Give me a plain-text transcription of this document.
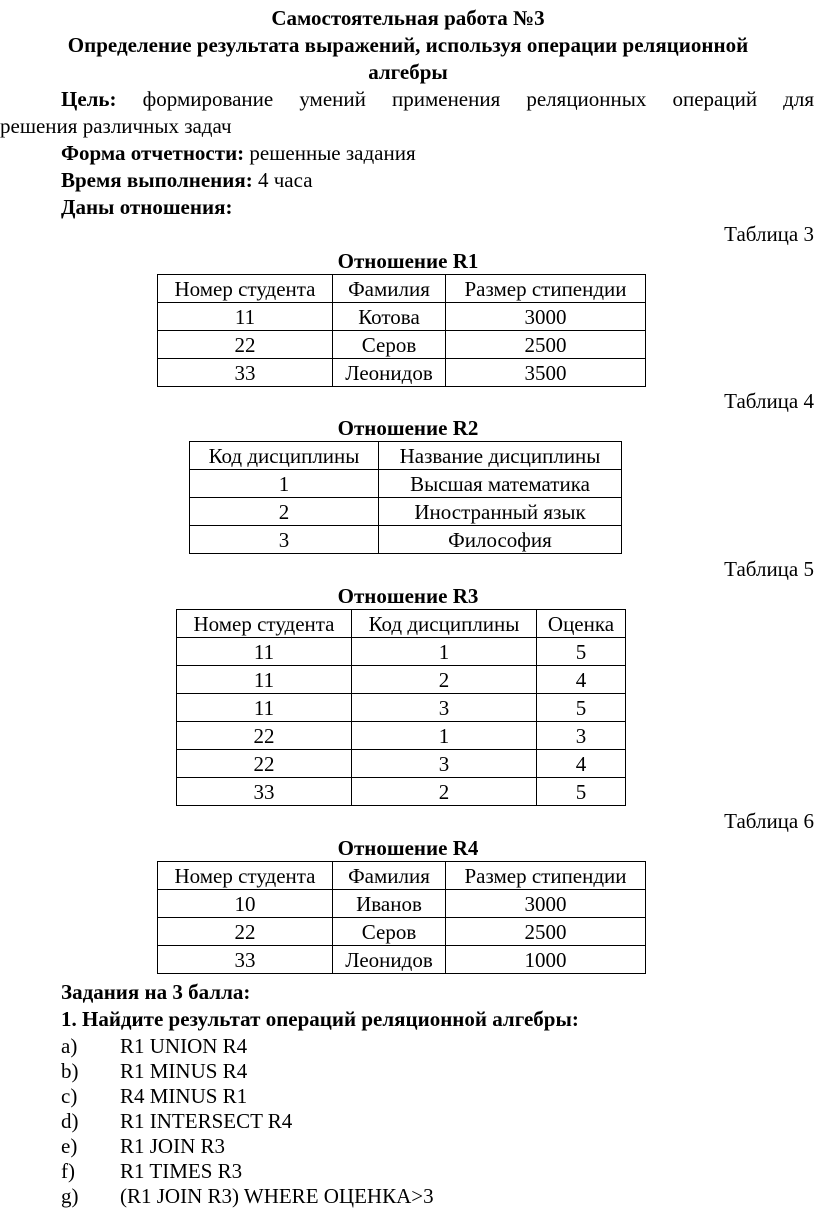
Самостоятельная работа №3
Определение результата выражений, используя операции реляционной
алгебры
Цель: формирование умений применения реляционных операций для
решения различных задач
Форма отчетности: решенные задания
Время выполнения: 4 часа
Даны отношения:
Таблица 3
Отношение R1
Номер студента	Фамилия	Размер стипендии
11	Котова	3000
22	Серов	2500
33	Леонидов	3500
Таблица 4
Отношение R2
Код дисциплины	Название дисциплины
1	Высшая математика
2	Иностранный язык
3	Философия
Таблица 5
Отношение R3
Номер студента	Код дисциплины	Оценка
11	1	5
11	2	4
11	3	5
22	1	3
22	3	4
33	2	5
Таблица 6
Отношение R4
Номер студента	Фамилия	Размер стипендии
10	Иванов	3000
22	Серов	2500
33	Леонидов	1000
Задания на 3 балла:
1. Найдите результат операций реляционной алгебры:
a) R1 UNION R4
b) R1 MINUS R4
c) R4 MINUS R1
d) R1 INTERSECT R4
e) R1 JOIN R3
f) R1 TIMES R3
g) (R1 JOIN R3) WHERE ОЦЕНКА>3
